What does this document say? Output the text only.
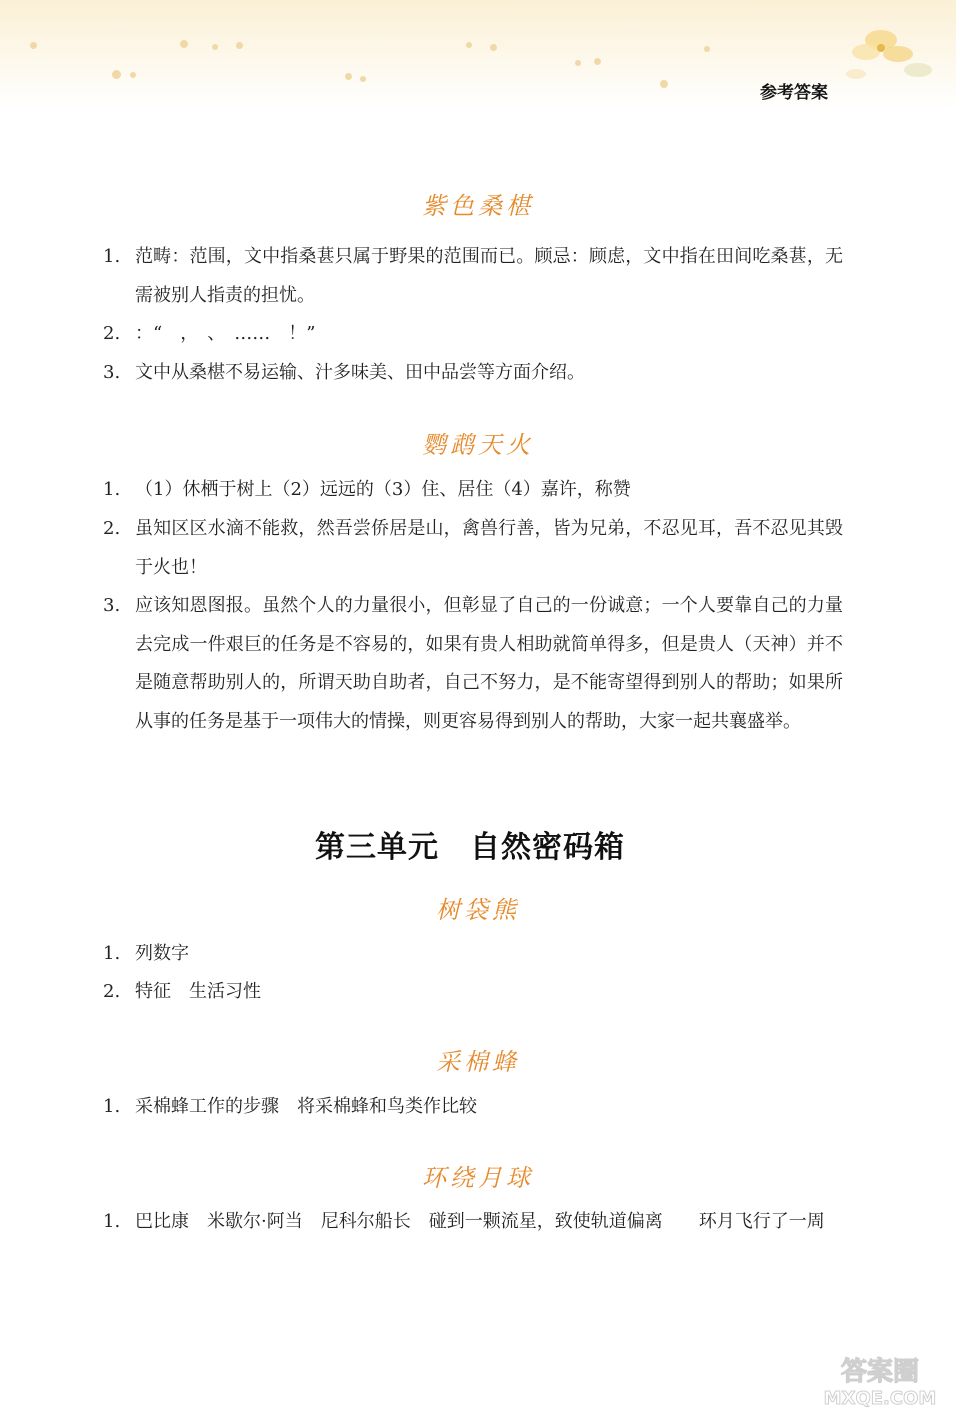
参考答案
紫色桑椹
1. 范畴：范围，文中指桑葚只属于野果的范围而已。顾忌：顾虑，文中指在田间吃桑葚，无需被别人指责的担忧。
2. ：“　，　、　……　！”
3. 文中从桑椹不易运输、汁多味美、田中品尝等方面介绍。
鹦鹉天火
1. （1）休栖于树上（2）远远的（3）住、居住（4）嘉许，称赞
2. 虽知区区水滴不能救，然吾尝侨居是山，禽兽行善，皆为兄弟，不忍见耳，吾不忍见其毁于火也！
3. 应该知恩图报。虽然个人的力量很小，但彰显了自己的一份诚意；一个人要靠自己的力量去完成一件艰巨的任务是不容易的，如果有贵人相助就简单得多，但是贵人（天神）并不是随意帮助别人的，所谓天助自助者，自己不努力，是不能寄望得到别人的帮助；如果所从事的任务是基于一项伟大的情操，则更容易得到别人的帮助，大家一起共襄盛举。
第三单元　自然密码箱
树袋熊
1. 列数字
2. 特征　生活习性
采棉蜂
1. 采棉蜂工作的步骤　将采棉蜂和鸟类作比较
环绕月球
1. 巴比康　米歇尔·阿当　尼科尔船长　碰到一颗流星，致使轨道偏离　　环月飞行了一周
答案圈
MXQE.COM
